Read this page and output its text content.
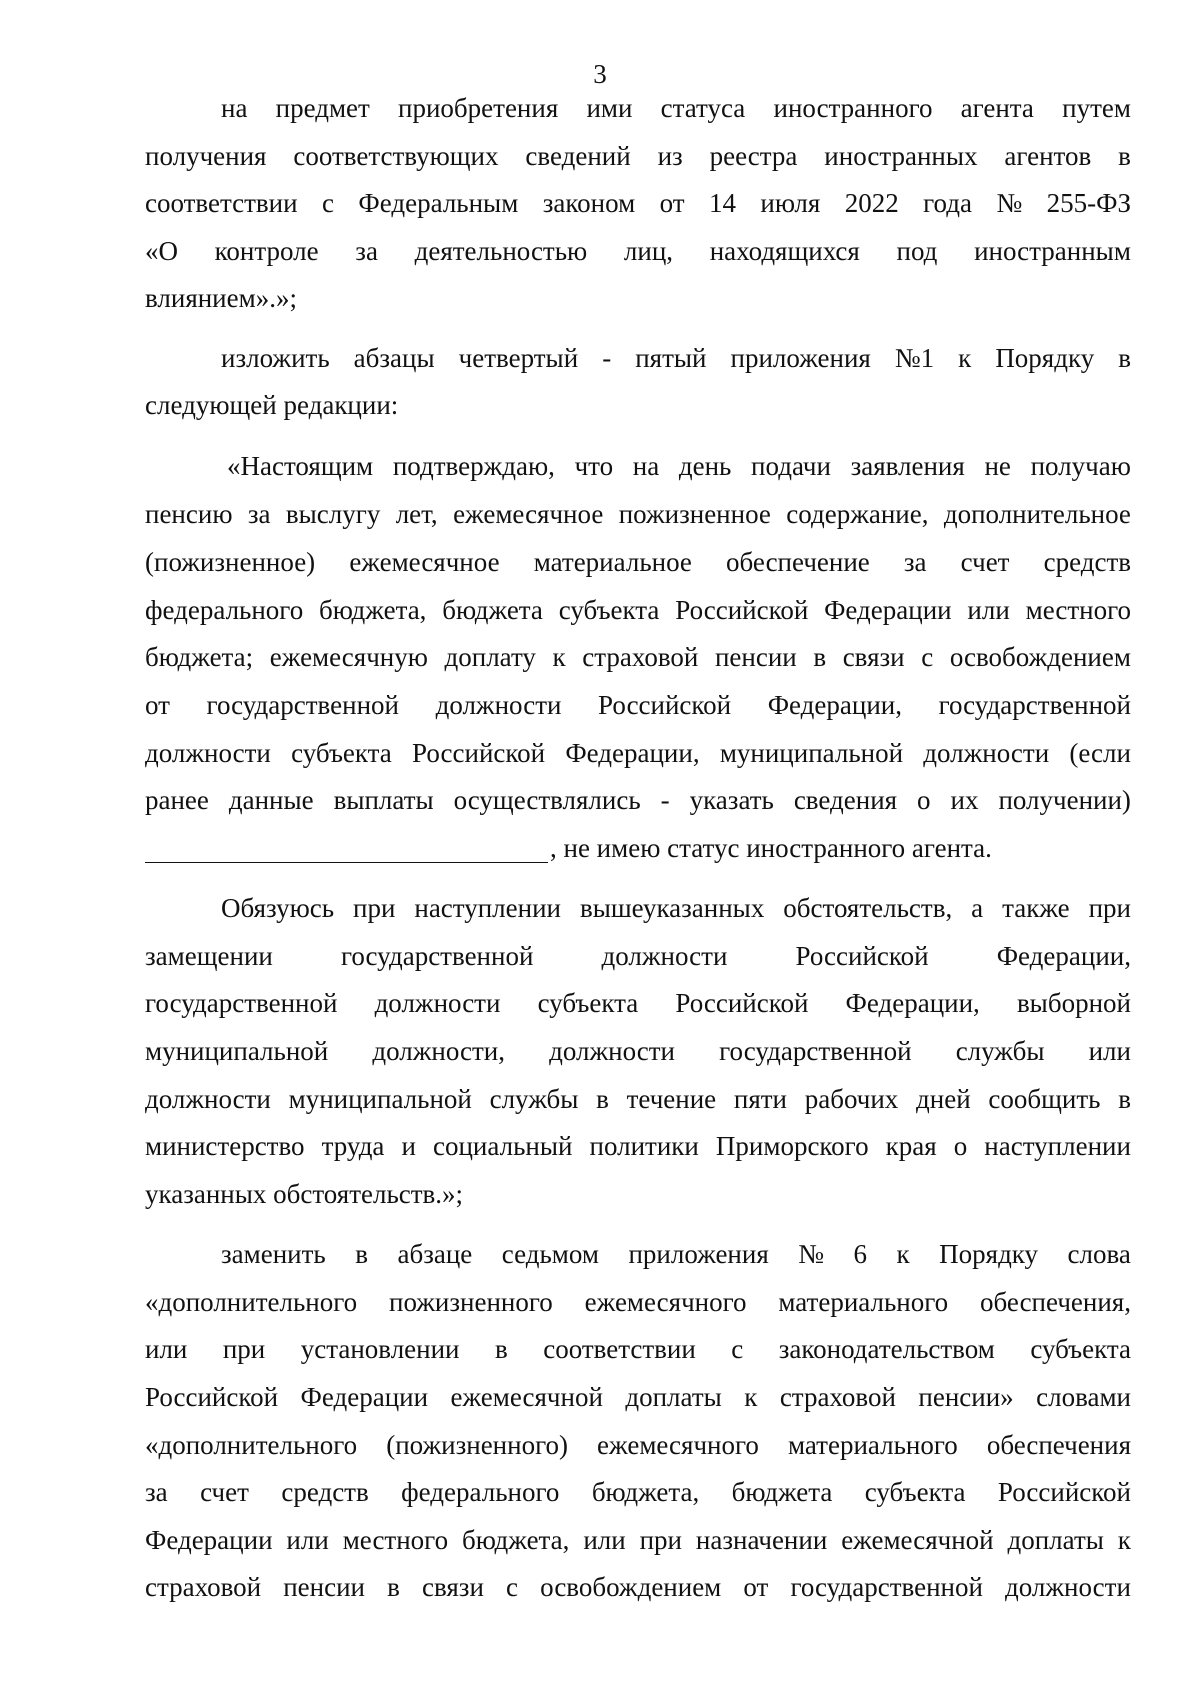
3
на предмет приобретения ими статуса иностранного агента путем
получения соответствующих сведений из реестра иностранных агентов в
соответствии с Федеральным законом от 14 июля 2022 года № 255-ФЗ
«О контроле за деятельностью лиц, находящихся под иностранным
влиянием».»;
изложить абзацы четвертый - пятый приложения №1 к Порядку в
следующей редакции:
«Настоящим подтверждаю, что на день подачи заявления не получаю
пенсию за выслугу лет, ежемесячное пожизненное содержание, дополнительное
(пожизненное) ежемесячное материальное обеспечение за счет средств
федерального бюджета, бюджета субъекта Российской Федерации или местного
бюджета; ежемесячную доплату к страховой пенсии в связи с освобождением
от государственной должности Российской Федерации, государственной
должности субъекта Российской Федерации, муниципальной должности (если
ранее данные выплаты осуществлялись - указать сведения о их получении)
, не имею статус иностранного агента.
Обязуюсь при наступлении вышеуказанных обстоятельств, а также при
замещении	государственной	должности	Российской	Федерации,
государственной должности субъекта Российской Федерации, выборной
муниципальной должности, должности государственной службы или
должности муниципальной службы в течение пяти рабочих дней сообщить в
министерство труда и социальный политики Приморского края о наступлении
указанных обстоятельств.»;
заменить в абзаце седьмом приложения № 6 к Порядку слова
«дополнительного пожизненного ежемесячного материального обеспечения,
или при установлении в соответствии с законодательством субъекта
Российской Федерации ежемесячной доплаты к страховой пенсии» словами
«дополнительного (пожизненного) ежемесячного материального обеспечения
за счет средств федерального бюджета, бюджета субъекта Российской
Федерации или местного бюджета, или при назначении ежемесячной доплаты к
страховой пенсии в связи с освобождением от государственной должности
